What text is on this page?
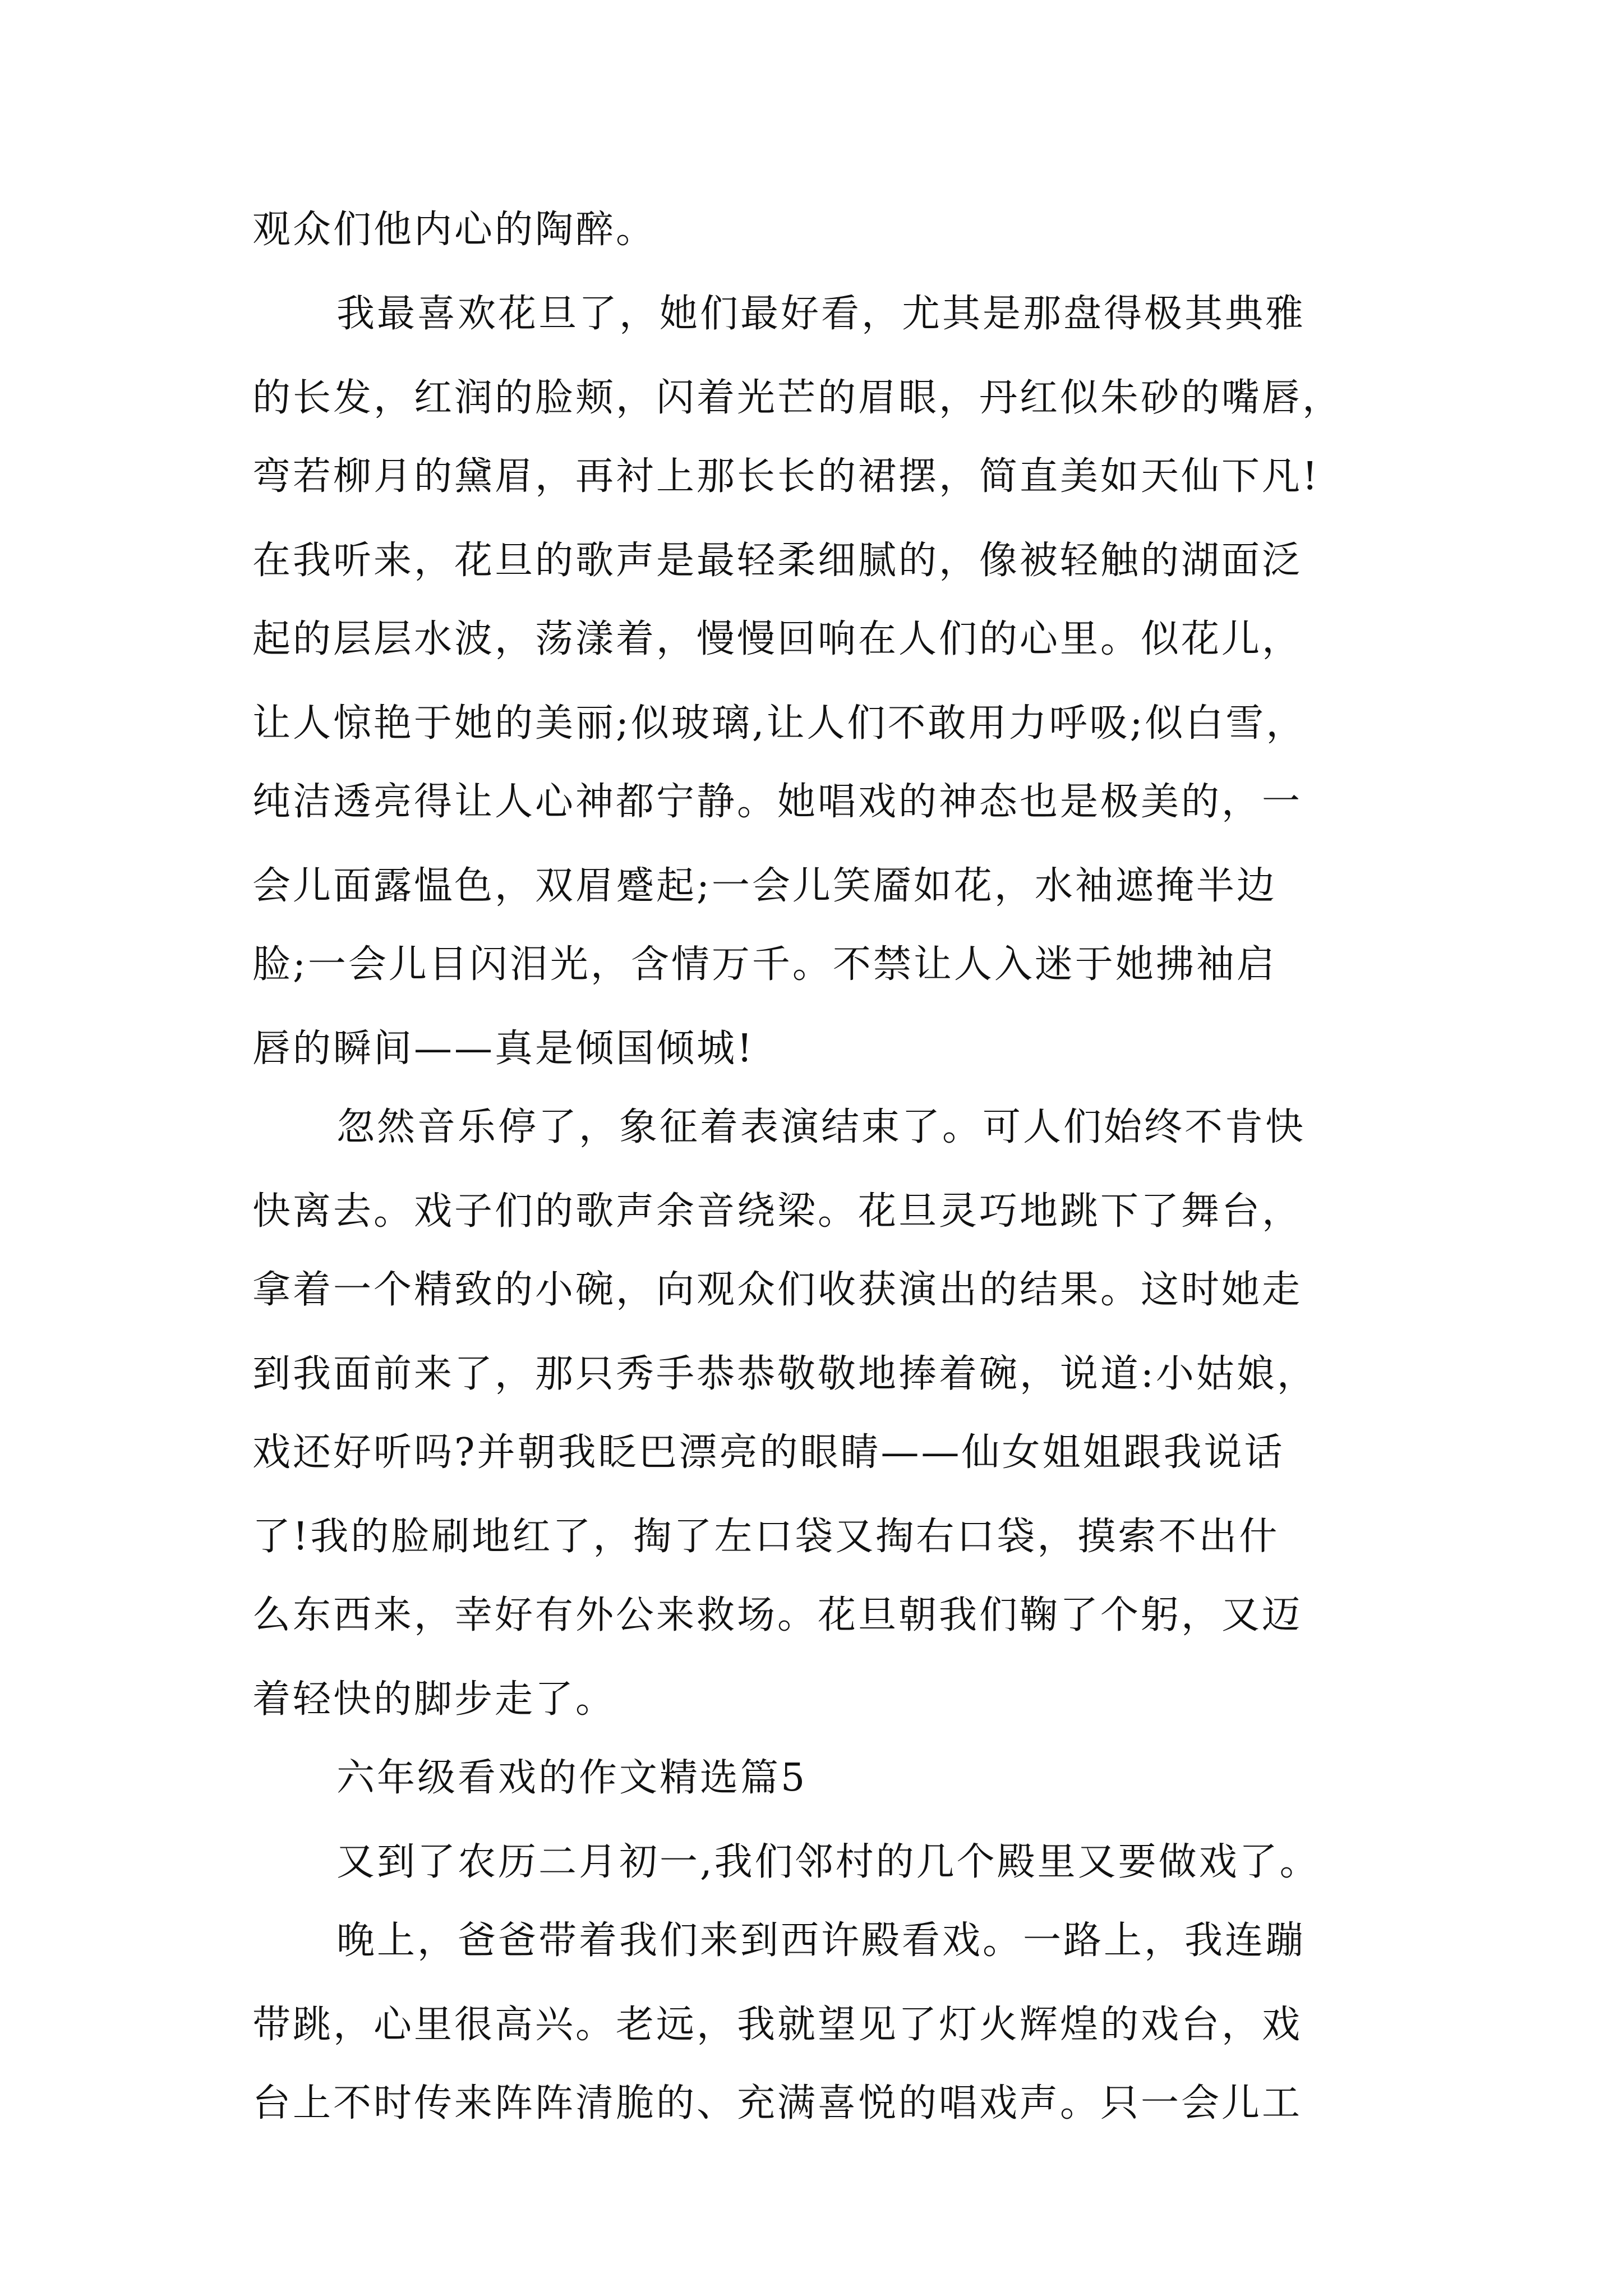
观众们他内心的陶醉。
我最喜欢花旦了，她们最好看，尤其是那盘得极其典雅
的长发，红润的脸颊，闪着光芒的眉眼，丹红似朱砂的嘴唇，
弯若柳月的黛眉，再衬上那长长的裙摆，简直美如天仙下凡!
在我听来，花旦的歌声是最轻柔细腻的，像被轻触的湖面泛
起的层层水波，荡漾着，慢慢回响在人们的心里。似花儿，
让人惊艳于她的美丽;似玻璃,让人们不敢用力呼吸;似白雪，
纯洁透亮得让人心神都宁静。她唱戏的神态也是极美的，一
会儿面露愠色，双眉蹙起;一会儿笑靥如花，水袖遮掩半边
脸;一会儿目闪泪光，含情万千。不禁让人入迷于她拂袖启
唇的瞬间——真是倾国倾城!
忽然音乐停了，象征着表演结束了。可人们始终不肯快
快离去。戏子们的歌声余音绕梁。花旦灵巧地跳下了舞台，
拿着一个精致的小碗，向观众们收获演出的结果。这时她走
到我面前来了，那只秀手恭恭敬敬地捧着碗，说道:小姑娘，
戏还好听吗?并朝我眨巴漂亮的眼睛——仙女姐姐跟我说话
了!我的脸刷地红了，掏了左口袋又掏右口袋，摸索不出什
么东西来，幸好有外公来救场。花旦朝我们鞠了个躬，又迈
着轻快的脚步走了。
六年级看戏的作文精选篇5
又到了农历二月初一,我们邻村的几个殿里又要做戏了。
晚上，爸爸带着我们来到西许殿看戏。一路上，我连蹦
带跳，心里很高兴。老远，我就望见了灯火辉煌的戏台，戏
台上不时传来阵阵清脆的、充满喜悦的唱戏声。只一会儿工
